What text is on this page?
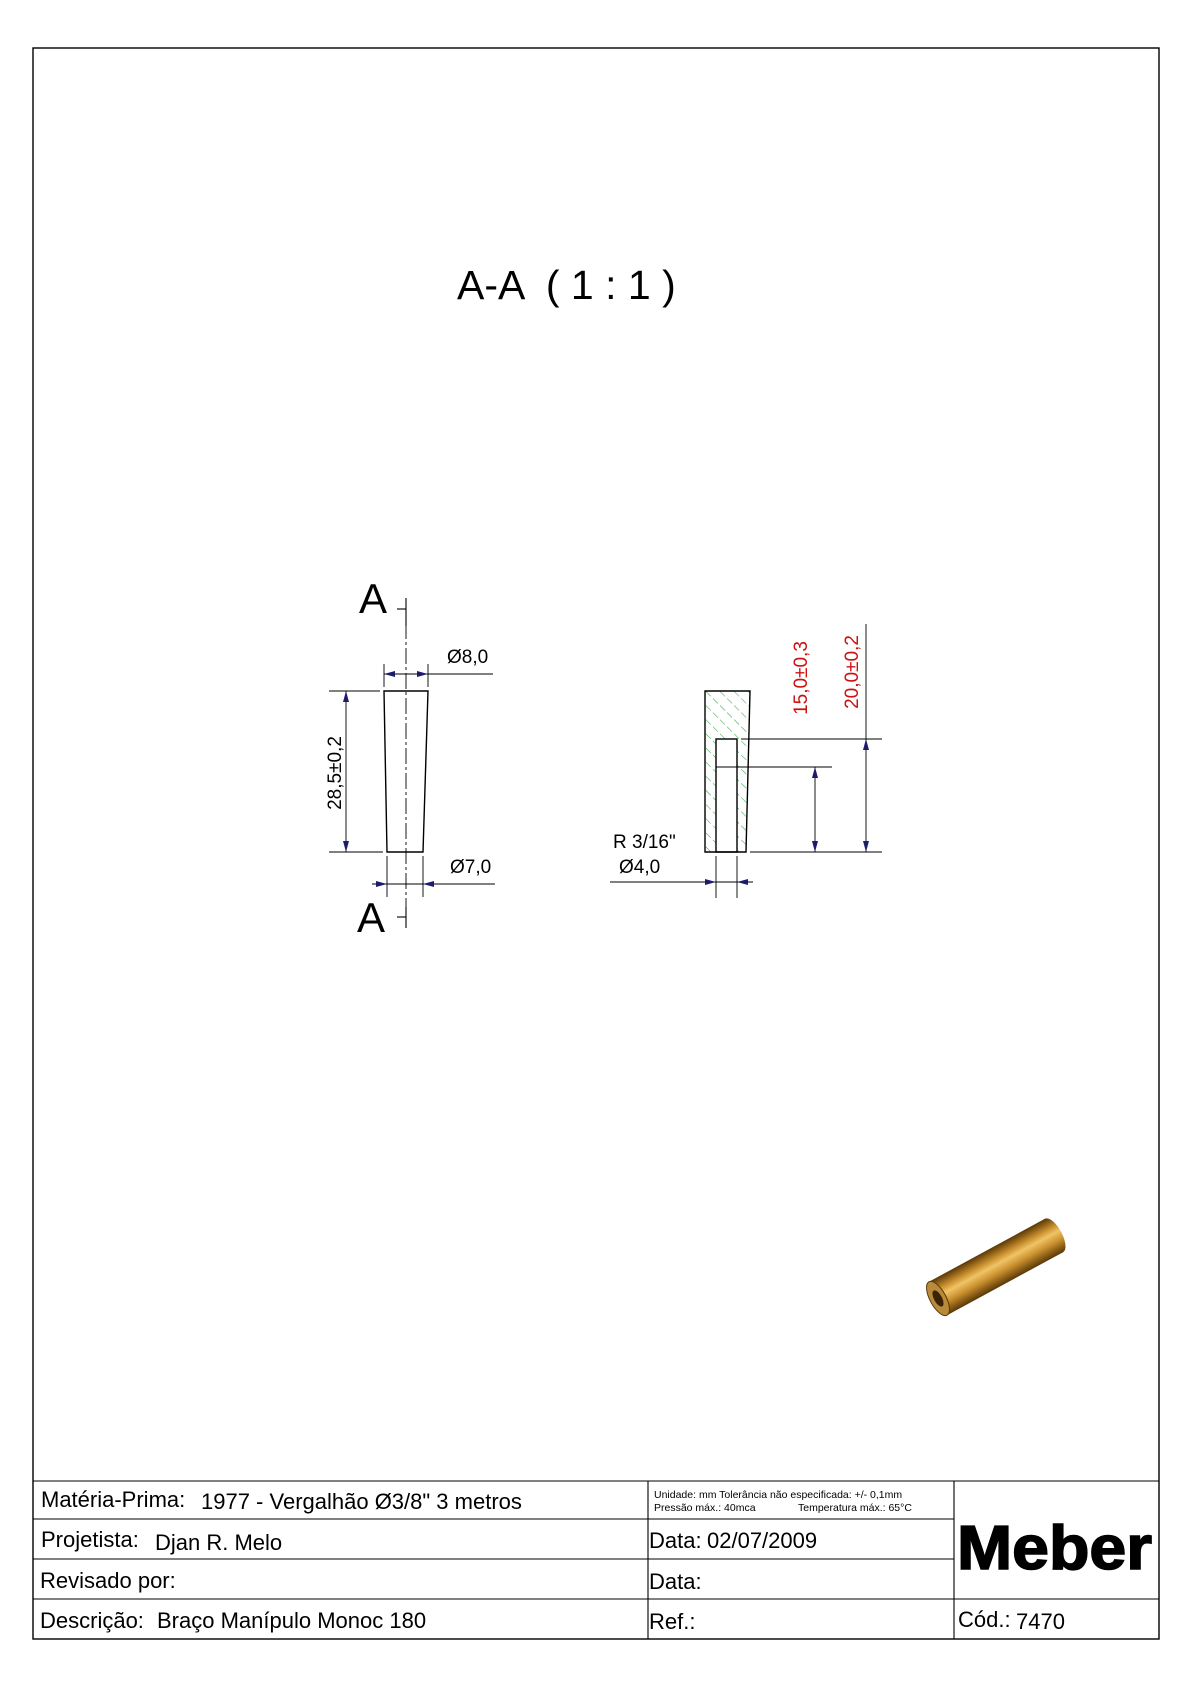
A-A  ( 1 : 1 )
A
A
Ø8,0
Ø7,0
28,5±0,2
15,0±0,3 20,0±0,2
R 3/16"
Ø4,0
Matéria-Prima: 1977 - Vergalhão Ø3/8" 3 metros	Unidade: mm Tolerância não especificada: +/- 0,1mm
Pressão máx.: 40mca	Temperatura máx.: 65°C
Projetista: Djan R. Melo	Data: 02/07/2009
Revisado por:	Data:
Descrição: Braço Manípulo Monoc 180	Ref.:	Cód.: 7470
Meber
